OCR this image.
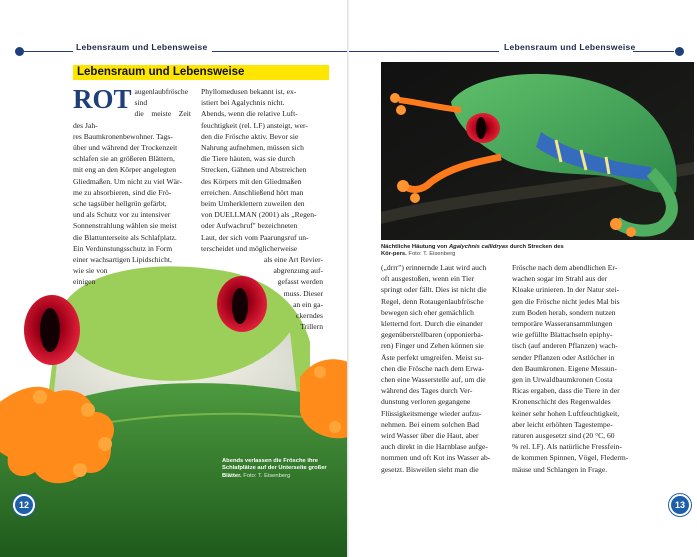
Lebensraum und Lebensweise
Lebensraum und Lebensweise
ROT augenlaubfrösche sind
die meiste Zeit des Jah-
res Baumkronenbewohner. Tags-
über und während der Trockenzeit
schlafen sie an größeren Blättern,
mit eng an den Körper angelegten
Gliedmaßen. Um nicht zu viel Wär-
me zu absorbieren, sind die Frö-
sche tagsüber hellgrün gefärbt,
und als Schutz vor zu intensiver
Sonnenstrahlung wählen sie meist
die Blattunterseite als Schlafplatz.
Ein Verdunstungsschutz in Form
einer wachsartigen Lipidschicht,
wie sie von
einigen
Phyllomedusen bekannt ist, ex-
istiert bei Agalychnis nicht.
Abends, wenn die relative Luft-
feuchtigkeit (rel. LF) ansteigt, wer-
den die Frösche aktiv. Bevor sie
Nahrung aufnehmen, müssen sich
die Tiere häuten, was sie durch
Strecken, Gähnen und Abstreichen
des Körpers mit den Gliedmaßen
erreichen. Anschließend hört man
beim Umherklettern zuweilen den
von DUELLMAN (2001) als „Regen-
oder Aufwachruf" bezeichneten
Laut, der sich vom Paarungsruf un-
terscheidet und möglicherweise
als eine Art Revier-
abgrenzung auf-
gefasst werden
muss. Dieser
an ein ga-
ckerndes
Trillern
Abends verlassen die Frösche ihre Schlafplätze auf der Unterseite großer Blätter. Foto: T. Eisenberg
12
Lebensraum und Lebensweise
Nächtliche Häutung von Agalychnis callidryas durch Strecken des Kör-pers. Foto: T. Eisenberg
(„drrr") erinnernde Laut wird auch
oft ausgestoßen, wenn ein Tier
springt oder fällt. Dies ist nicht die
Regel, denn Rotaugenlaubfrösche
bewegen sich eher gemächlich
kletternd fort. Durch die einander
gegenüberstellbaren (opponierba-
ren) Finger und Zehen können sie
Äste perfekt umgreifen. Meist su-
chen die Frösche nach dem Erwa-
chen eine Wasserstelle auf, um die
während des Tages durch Ver-
dunstung verloren gegangene
Flüssigkeitsmenge wieder aufzu-
nehmen. Bei einem solchen Bad
wird Wasser über die Haut, aber
auch direkt in die Harnblase aufge-
nommen und oft Kot ins Wasser ab-
gesetzt. Bisweilen sieht man die
Frösche nach dem abendlichen Er-
wachen sogar im Strahl aus der
Kloake urinieren. In der Natur stei-
gen die Frösche nicht jedes Mal bis
zum Boden herab, sondern nutzen
temporäre Wasseransammlungen
wie gefüllte Blattachseln epiphy-
tisch (auf anderen Pflanzen) wach-
sender Pflanzen oder Astlöcher in
den Baumkronen. Eigene Messun-
gen in Urwaldbaumkronen Costa
Ricas ergaben, dass die Tiere in der
Kronenschicht des Regenwaldes
keiner sehr hohen Luftfeuchtigkeit,
aber leicht erhöhten Tagestempe-
raturen ausgesetzt sind (20 °C, 60
% rel. LF). Als natürliche Fressfein-
de kommen Spinnen, Vögel, Flederm-
mäuse und Schlangen in Frage.
13
